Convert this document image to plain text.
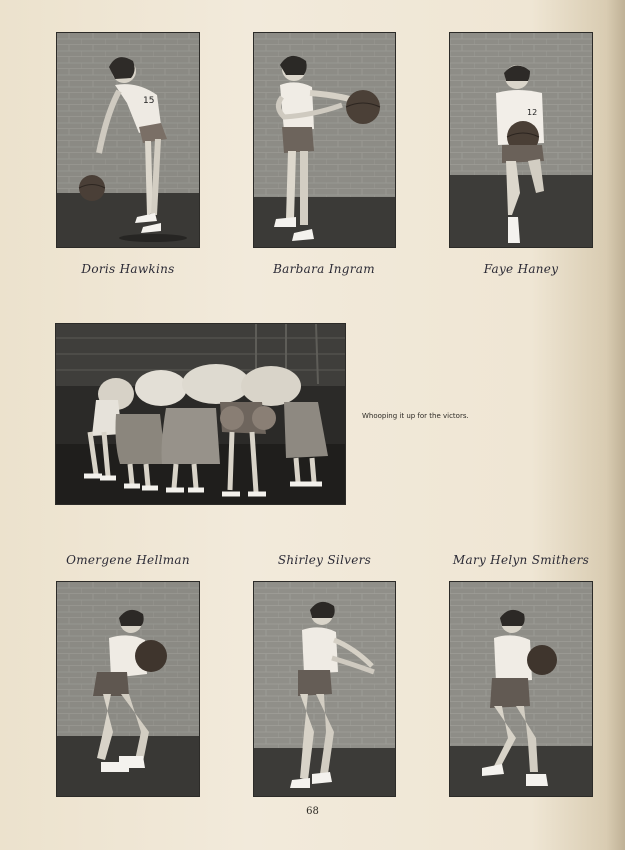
15
12
Doris Hawkins	Barbara Ingram	Faye Haney
Whooping it up for the victors.
Omergene Hellman	Shirley Silvers	Mary Helyn Smithers
68
